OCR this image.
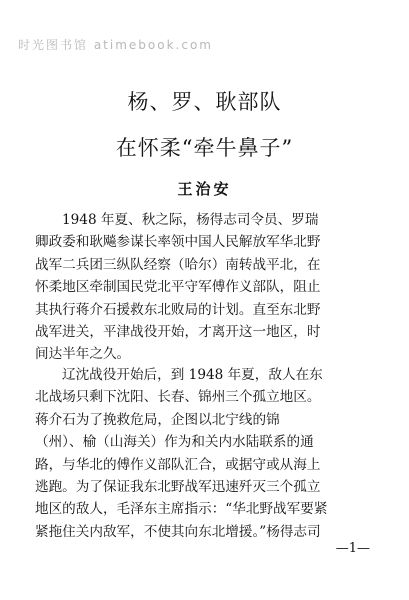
时光图书馆 atimebook.com
杨、罗、耿部队
在怀柔“牵牛鼻子”
王治安
1948 年夏、秋之际，杨得志司令员、罗瑞
卿政委和耿飚参谋长率领中国人民解放军华北野
战军二兵团三纵队经察（哈尔）南转战平北，在
怀柔地区牵制国民党北平守军傅作义部队，阻止
其执行蒋介石援救东北败局的计划。直至东北野
战军进关，平津战役开始，才离开这一地区，时
间达半年之久。
辽沈战役开始后，到 1948 年夏，敌人在东
北战场只剩下沈阳、长春、锦州三个孤立地区。
蒋介石为了挽救危局，企图以北宁线的锦
（州）、榆（山海关）作为和关内水陆联系的通
路，与华北的傅作义部队汇合，或据守或从海上
逃跑。为了保证我东北野战军迅速歼灭三个孤立
地区的敌人，毛泽东主席指示：“华北野战军要紧
紧拖住关内敌军，不使其向东北增援。”杨得志司
—1—
